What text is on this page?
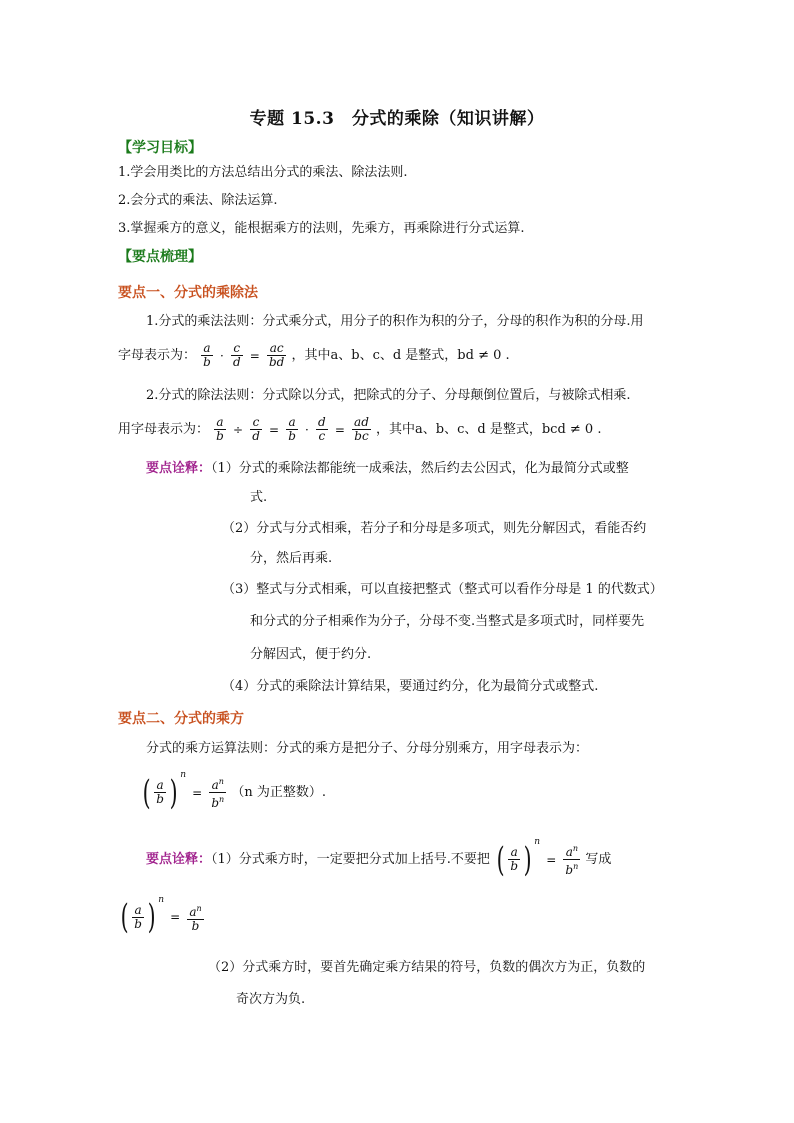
专题 15.3　分式的乘除（知识讲解）
【学习目标】
1.学会用类比的方法总结出分式的乘法、除法法则.
2.会分式的乘法、除法运算.
3.掌握乘方的意义，能根据乘方的法则，先乘方，再乘除进行分式运算.
【要点梳理】
要点一、分式的乘除法
1.分式的乘法法则：分式乘分式，用分子的积作为积的分子，分母的积作为积的分母.用
字母表示为： $\frac{a}{b} \cdot \frac{c}{d} = \frac{ac}{bd}$ ，其中a、b、c、d 是整式，bd ≠ 0 .
2.分式的除法法则：分式除以分式，把除式的分子、分母颠倒位置后，与被除式相乘.
用字母表示为： $\frac{a}{b} \div \frac{c}{d} = \frac{a}{b} \cdot \frac{d}{c} = \frac{ad}{bc}$ ，其中a、b、c、d 是整式，bcd ≠ 0 .
要点诠释：（1）分式的乘除法都能统一成乘法，然后约去公因式，化为最简分式或整
式.
（2）分式与分式相乘，若分子和分母是多项式，则先分解因式，看能否约
分，然后再乘.
（3）整式与分式相乘，可以直接把整式（整式可以看作分母是 1 的代数式）
和分式的分子相乘作为分子，分母不变.当整式是多项式时，同样要先
分解因式，便于约分.
（4）分式的乘除法计算结果，要通过约分，化为最简分式或整式.
要点二、分式的乘方
分式的乘方运算法则：分式的乘方是把分子、分母分别乘方，用字母表示为：
( $\frac{a}{b}$ ) $^n = \frac{a^n}{b^n} (n$ 为正整数）.
要点诠释：（1）分式乘方时，一定要把分式加上括号.不要把 ( $\frac{a}{b}$ ) $^n = \frac{a^n}{b^n}$ 写成
( $\frac{a}{b}$ ) $^n = \frac{a^n}{b}$
（2）分式乘方时，要首先确定乘方结果的符号，负数的偶次方为正，负数的
奇次方为负.
